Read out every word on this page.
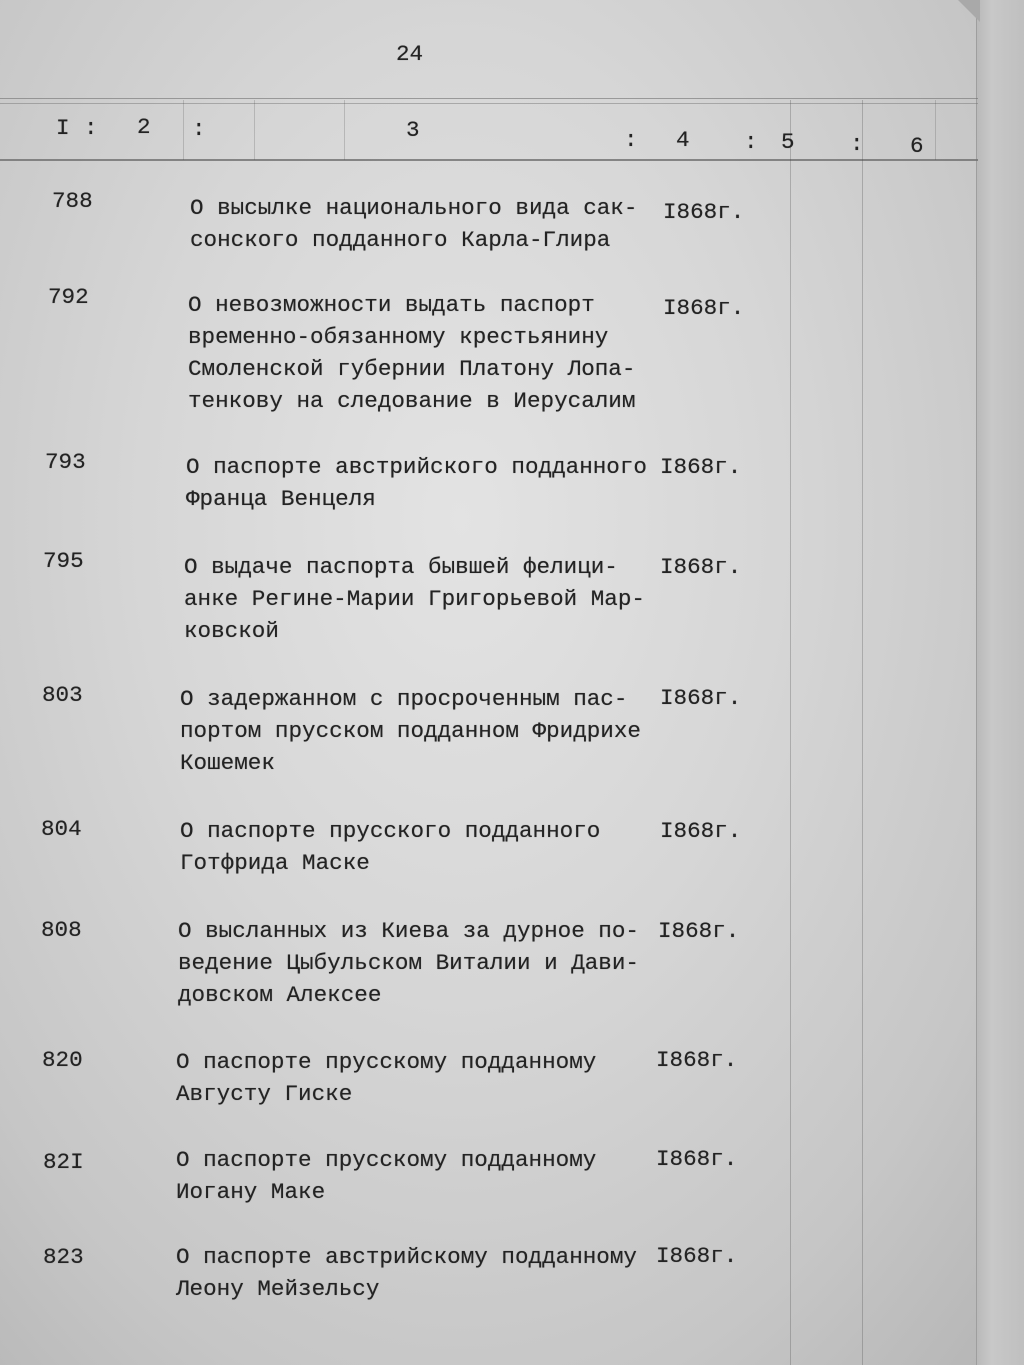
24
I : 2 :	3	: 4 : 5 : 6
788	О высылке национального вида сак-
сонского подданного Карла-Глира
I868г.
792	О невозможности выдать паспорт
временно-обязанному крестьянину
Смоленской губернии Платону Лопа-
тенкову на следование в Иерусалим
I868г.
793	О паспорте австрийского подданного
Франца Венцеля
I868г.
795	О выдаче паспорта бывшей фелици-
анке Регине-Марии Григорьевой Мар-
ковской
I868г.
803	О задержанном с просроченным пас-
портом прусском подданном Фридрихе
Кошемек
I868г.
804	О паспорте прусского подданного
Готфрида Маске
I868г.
808	О высланных из Киева за дурное по-
ведение Цыбульском Виталии и Дави-
довском Алексее
I868г.
820	О паспорте прусскому подданному
Августу Гиске
I868г.
82I	О паспорте прусскому подданному
Иогану Маке
I868г.
823	О паспорте австрийскому подданному
Леону Мейзельсу
I868г.
